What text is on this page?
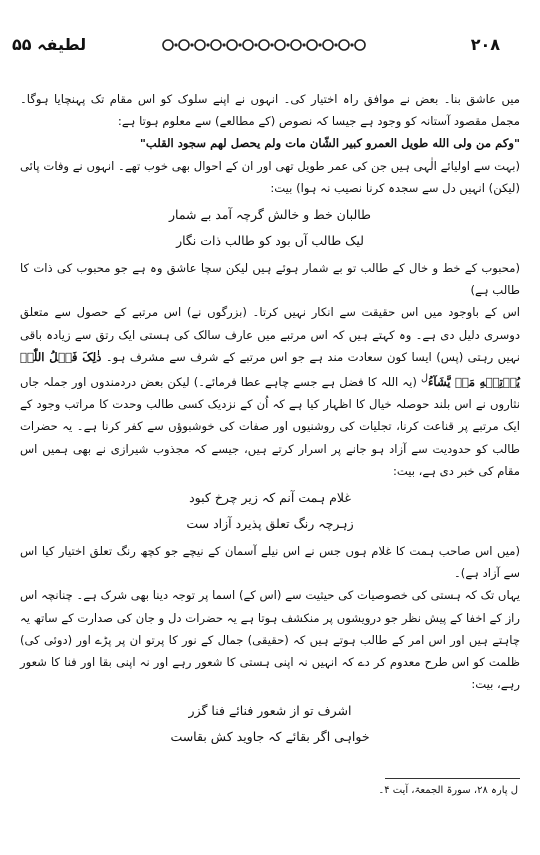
۲۰۸
لطیفہ ۵۵

میں عاشق بنا۔ بعض نے موافق راہ اختیار کی۔ انہوں نے اپنے سلوک کو اس مقام تک پہنچایا ہوگا۔ مجمل مقصود آستانہ کو وجود ہے جیسا کہ نصوص (کے مطالعے) سے معلوم ہوتا ہے:

"وکم من ولی الله طویل العمرو کبیر الشّان مات ولم یحصل لھم سجود القلب"

(بہت سے اولیائے الٰہی ہیں جن کی عمر طویل تھی اور ان کے احوال بھی خوب تھے۔ انہوں نے وفات پائی (لیکن) انہیں دل سے سجدہ کرنا نصیب نہ ہوا) بیت:

طالبان خط و خالش گرچہ آمد بے شمار
لیک طالب آں بود کو طالب ذات نگار

(محبوب کے خط و خال کے طالب تو بے شمار ہوئے ہیں لیکن سچا عاشق وہ ہے جو محبوب کی ذات کا طالب ہے)

اس کے باوجود میں اس حقیقت سے انکار نہیں کرتا۔ (بزرگوں نے) اس مرتبے کے حصول سے متعلق دوسری دلیل دی ہے۔ وہ کہتے ہیں کہ اس مرتبے میں عارف سالک کی ہستی ایک رتق سے زیادہ باقی نہیں رہتی (پس) ایسا کون سعادت مند ہے جو اس مرتبے کے شرف سے مشرف ہو۔ ذٰلِکَ فَضۡلُ اللّٰہِ یُؤۡتِیۡهِ مَنۡ یَّشَآءُ$^ل$ (یہ اللہ کا فضل ہے جسے چاہے عطا فرمائے۔) لیکن بعض دردمندوں اور جملہ جاں نثاروں نے اس بلند حوصلہ خیال کا اظہار کیا ہے کہ اُن کے نزدیک کسی طالب وحدت کا مراتب وجود کے ایک مرتبے پر قناعت کرنا، تجلیات کی روشنیوں اور صفات کی خوشبوؤں سے کفر کرنا ہے۔ یہ حضرات طالب کو حدودیت سے آزاد ہو جانے پر اسرار کرتے ہیں، جیسے کہ مجذوب شیرازی نے بھی ہمیں اس مقام کی خبر دی ہے، بیت:

غلام ہمت آنم کہ زیر چرخ کبود
زہرچہ رنگ تعلق پذیرد آزاد ست

(میں اس صاحب ہمت کا غلام ہوں جس نے اس نیلے آسمان کے نیچے جو کچھ رنگ تعلق اختیار کیا اس سے آزاد ہے)۔

یہاں تک کہ ہستی کی خصوصیات کی حیثیت سے (اس کے) اسما پر توجہ دینا بھی شرک ہے۔ چنانچہ اس راز کے اخفا کے پیش نظر جو درویشوں پر منکشف ہوتا ہے یہ حضرات دل و جان کی صدارت کے ساتھ یہ چاہتے ہیں اور اس امر کے طالب ہوتے ہیں کہ (حقیقی) جمال کے نور کا پرتو ان پر پڑے اور (دوئی کی) ظلمت کو اس طرح معدوم کر دے کہ انہیں نہ اپنی ہستی کا شعور رہے اور نہ اپنی بقا اور فنا کا شعور رہے، بیت:

اشرف تو از شعور فنائے فنا گزر
خواہی اگر بقائے کہ جاوید کش بقاست
ل پارہ ۲۸، سورۃ الجمعۃ، آیت ۴۔
